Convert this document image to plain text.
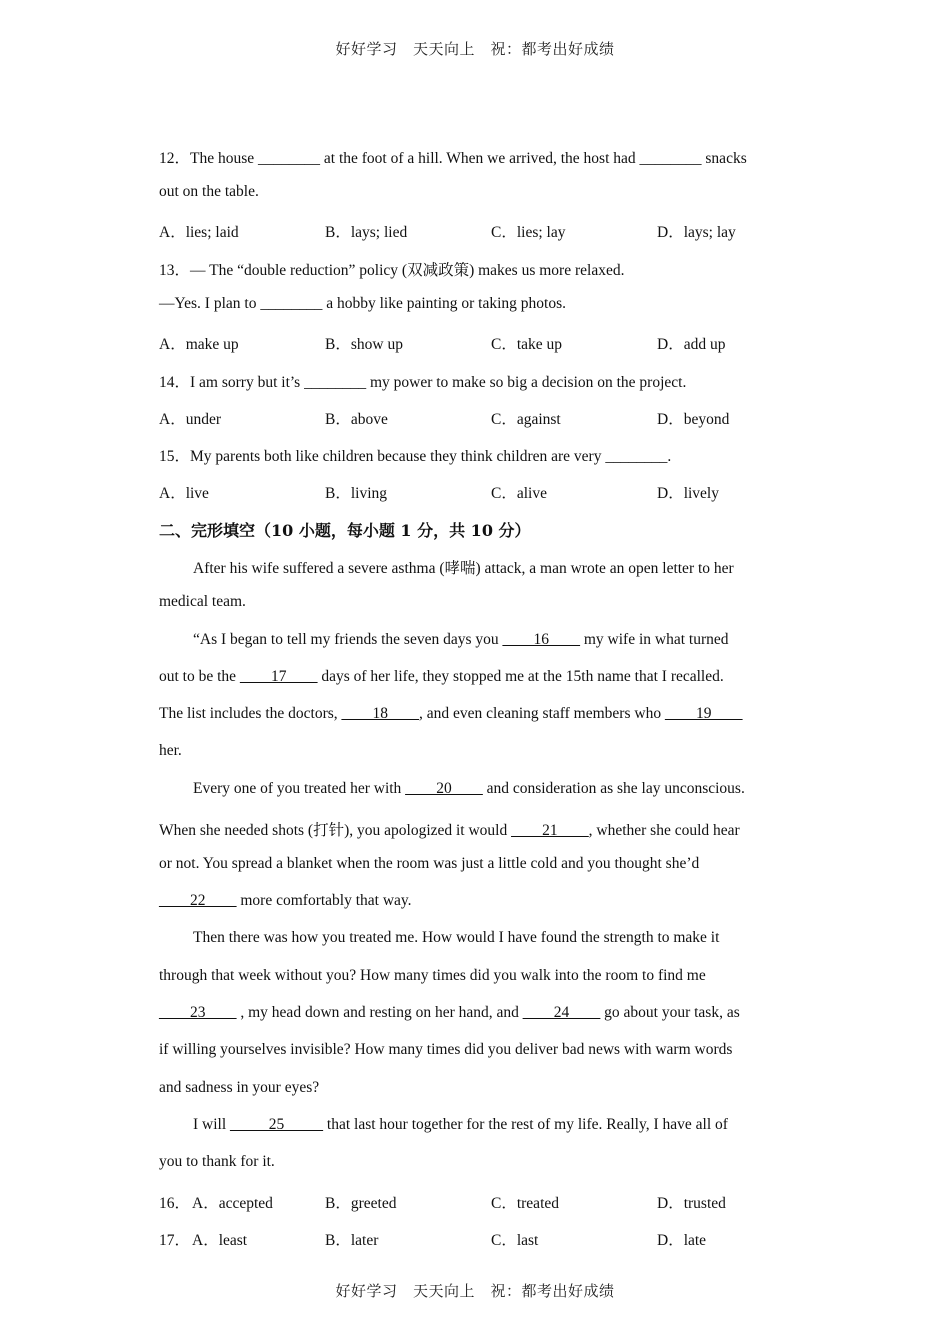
好好学习　天天向上　祝：都考出好成绩
12．The house ________ at the foot of a hill. When we arrived, the host had ________ snacks
out on the table.
A．lies; laid	B．lays; lied	C．lies; lay	D．lays; lay
13．— The “double reduction” policy (双减政策) makes us more relaxed.
—Yes. I plan to ________ a hobby like painting or taking photos.
A．make up	B．show up	C．take up	D．add up
14．I am sorry but it’s ________ my power to make so big a decision on the project.
A．under	B．above	C．against	D．beyond
15．My parents both like children because they think children are very ________.
A．live	B．living	C．alive	D．lively
二、完形填空（10 小题，每小题 1 分，共 10 分）
After his wife suffered a severe asthma (哮喘) attack, a man wrote an open letter to her
medical team.
“As I began to tell my friends the seven days you ____16____ my wife in what turned
out to be the ____17____ days of her life, they stopped me at the 15th name that I recalled.
The list includes the doctors, ____18____, and even cleaning staff members who ____19____
her.
Every one of you treated her with ____20____ and consideration as she lay unconscious.
When she needed shots (打针), you apologized it would ____21____, whether she could hear
or not. You spread a blanket when the room was just a little cold and you thought she’d
____22____ more comfortably that way.
Then there was how you treated me. How would I have found the strength to make it
through that week without you? How many times did you walk into the room to find me
____23____ , my head down and resting on her hand, and ____24____ go about your task, as
if willing yourselves invisible? How many times did you deliver bad news with warm words
and sadness in your eyes?
I will _____25_____ that last hour together for the rest of my life. Really, I have all of
you to thank for it.
16． A．accepted	B．greeted	C．treated	D．trusted
17． A．least	B．later	C．last	D．late
好好学习　天天向上　祝：都考出好成绩
